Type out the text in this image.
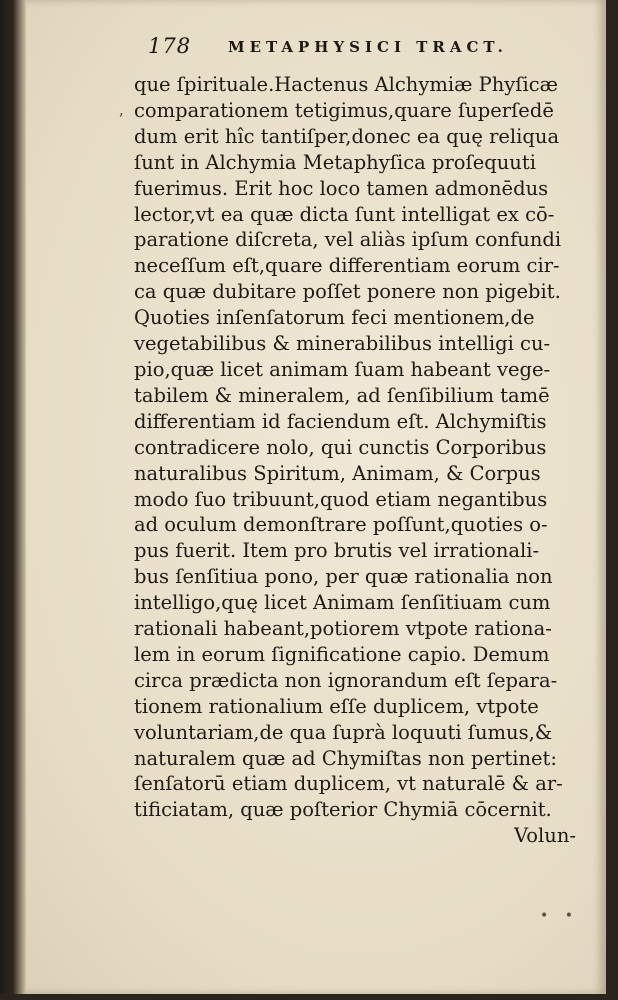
178 METAPHYSICI TRACT.
ʼ
que ſpirituale.Hactenus Alchymiæ Phyſicæ
comparationem tetigimus,quare ſuperſedē
dum erit hîc tantiſper,donec ea quę reliqua
ſunt in Alchymia Metaphyſica proſequuti
fuerimus. Erit hoc loco tamen admonēdus
lector,vt ea quæ dicta ſunt intelligat ex cō-
paratione diſcreta, vel aliàs ipſum confundi
neceſſum eſt,quare differentiam eorum cir-
ca quæ dubitare poſſet ponere non pigebit.
Quoties inſenſatorum feci mentionem,de
vegetabilibus & minerabilibus intelligi cu-
pio,quæ licet animam ſuam habeant vege-
tabilem & mineralem, ad ſenſibilium tamē
differentiam id faciendum eſt. Alchymiſtis
contradicere nolo, qui cunctis Corporibus
naturalibus Spiritum, Animam, & Corpus
modo ſuo tribuunt,quod etiam negantibus
ad oculum demonſtrare poſſunt,quoties o-
pus fuerit. Item pro brutis vel irrationali-
bus ſenſitiua pono, per quæ rationalia non
intelligo,quę licet Animam ſenſitiuam cum
rationali habeant,potiorem vtpote rationa-
lem in eorum ſignificatione capio. Demum
circa prædicta non ignorandum eſt ſepara-
tionem rationalium eſſe duplicem, vtpote
voluntariam,de qua ſuprà loquuti ſumus,&
naturalem quæ ad Chymiſtas non pertinet:
ſenſatorū etiam duplicem, vt naturalē & ar-
tificiatam, quæ poſterior Chymiā cōcernit.
Volun-
• •
